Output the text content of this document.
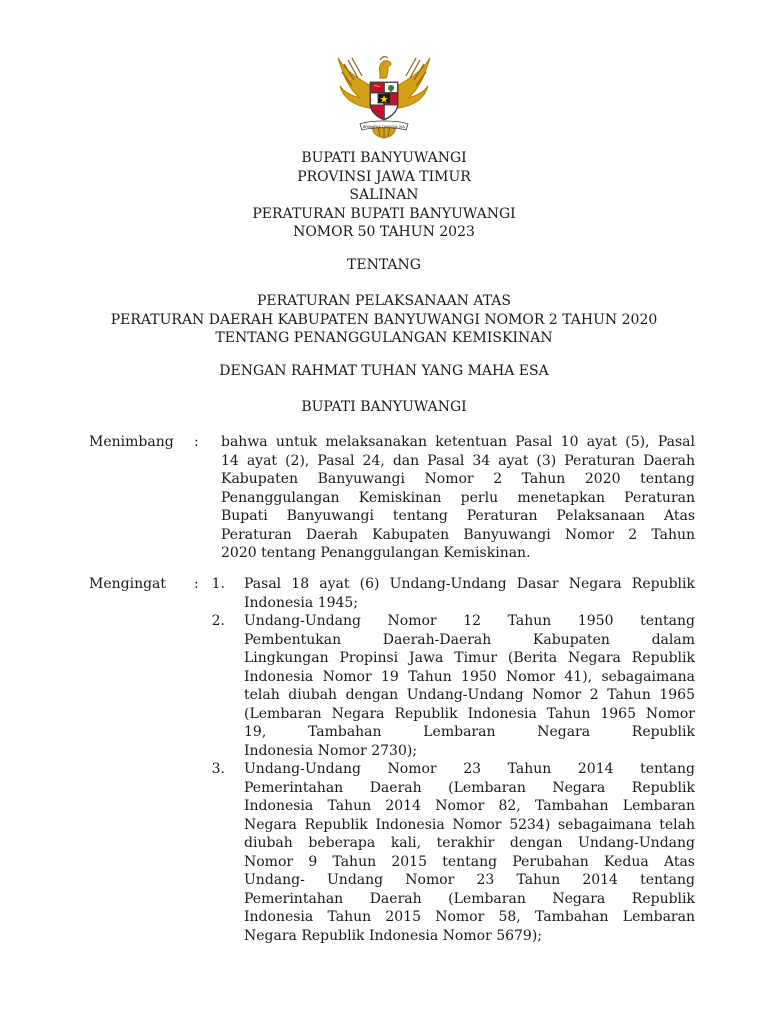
BHINNEKA TUNGGAL IKA
BUPATI BANYUWANGI
PROVINSI JAWA TIMUR
SALINAN
PERATURAN BUPATI BANYUWANGI
NOMOR 50 TAHUN 2023
TENTANG
PERATURAN PELAKSANAAN ATAS
PERATURAN DAERAH KABUPATEN BANYUWANGI NOMOR 2 TAHUN 2020
TENTANG PENANGGULANGAN KEMISKINAN
DENGAN RAHMAT TUHAN YANG MAHA ESA
BUPATI BANYUWANGI
Menimbang : bahwa untuk melaksanakan ketentuan Pasal 10 ayat (5), Pasal
14 ayat (2), Pasal 24, dan Pasal 34 ayat (3) Peraturan Daerah
Kabupaten Banyuwangi Nomor 2 Tahun 2020 tentang
Penanggulangan Kemiskinan perlu menetapkan Peraturan
Bupati Banyuwangi tentang Peraturan Pelaksanaan Atas
Peraturan Daerah Kabupaten Banyuwangi Nomor 2 Tahun
2020 tentang Penanggulangan Kemiskinan.
Mengingat : 1. Pasal 18 ayat (6) Undang-Undang Dasar Negara Republik
Indonesia 1945;
2. Undang-Undang Nomor 12 Tahun 1950 tentang
Pembentukan Daerah-Daerah Kabupaten dalam
Lingkungan Propinsi Jawa Timur (Berita Negara Republik
Indonesia Nomor 19 Tahun 1950 Nomor 41), sebagaimana
telah diubah dengan Undang-Undang Nomor 2 Tahun 1965
(Lembaran Negara Republik Indonesia Tahun 1965 Nomor
19, Tambahan Lembaran Negara Republik
Indonesia Nomor 2730);
3. Undang-Undang Nomor 23 Tahun 2014 tentang
Pemerintahan Daerah (Lembaran Negara Republik
Indonesia Tahun 2014 Nomor 82, Tambahan Lembaran
Negara Republik Indonesia Nomor 5234) sebagaimana telah
diubah beberapa kali, terakhir dengan Undang-Undang
Nomor 9 Tahun 2015 tentang Perubahan Kedua Atas
Undang- Undang Nomor 23 Tahun 2014 tentang
Pemerintahan Daerah (Lembaran Negara Republik
Indonesia Tahun 2015 Nomor 58, Tambahan Lembaran
Negara Republik Indonesia Nomor 5679);
